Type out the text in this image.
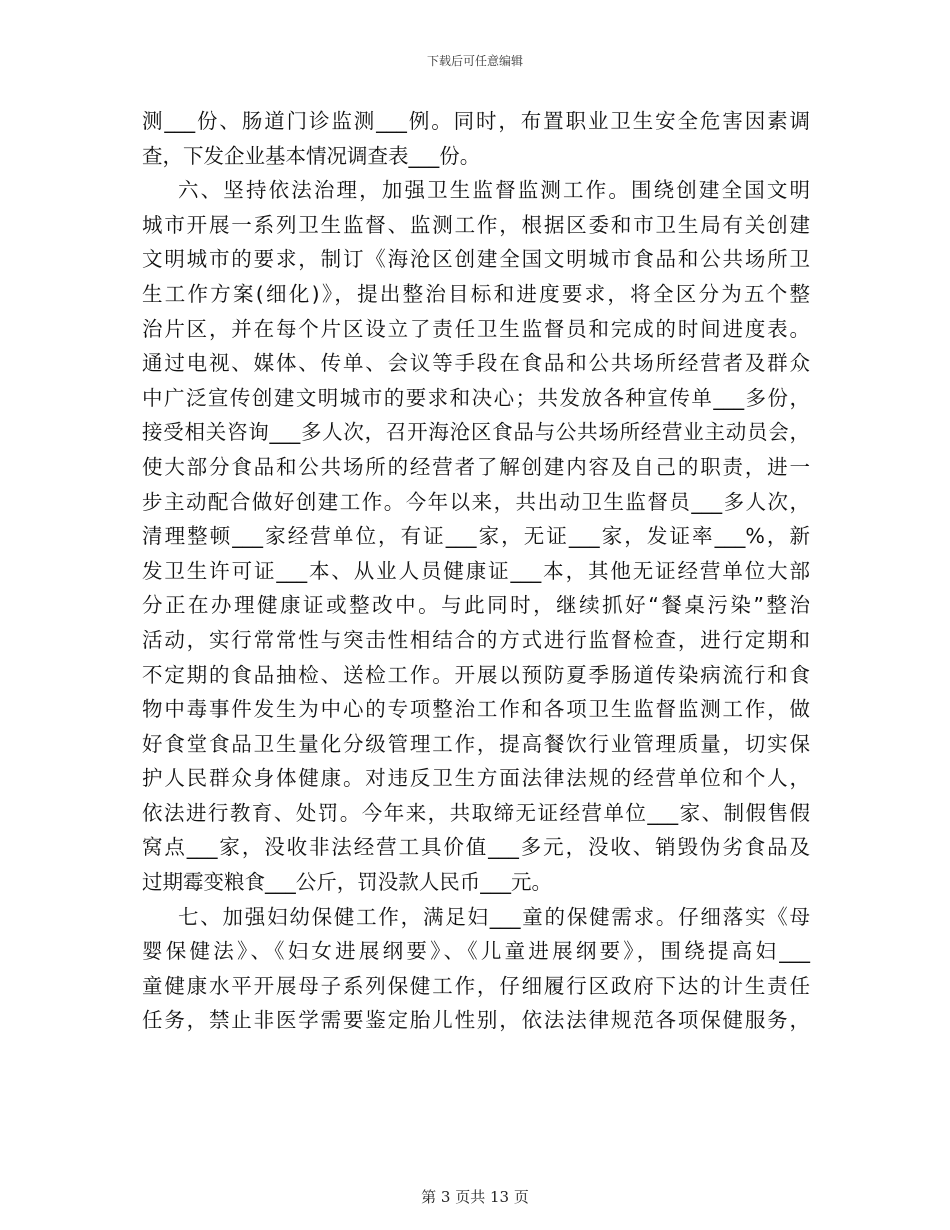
下载后可任意编辑
测___份、肠道门诊监测___例。同时，布置职业卫生安全危害因素调
查，下发企业基本情况调查表___份。
六、坚持依法治理，加强卫生监督监测工作。围绕创建全国文明
城市开展一系列卫生监督、监测工作，根据区委和市卫生局有关创建
文明城市的要求，制订《海沧区创建全国文明城市食品和公共场所卫
生工作方案(细化)》，提出整治目标和进度要求，将全区分为五个整
治片区，并在每个片区设立了责任卫生监督员和完成的时间进度表。
通过电视、媒体、传单、会议等手段在食品和公共场所经营者及群众
中广泛宣传创建文明城市的要求和决心；共发放各种宣传单___多份，
接受相关咨询___多人次，召开海沧区食品与公共场所经营业主动员会，
使大部分食品和公共场所的经营者了解创建内容及自己的职责，进一
步主动配合做好创建工作。今年以来，共出动卫生监督员___多人次，
清理整顿___家经营单位，有证___家，无证___家，发证率___%，新
发卫生许可证___本、从业人员健康证___本，其他无证经营单位大部
分正在办理健康证或整改中。与此同时，继续抓好“餐桌污染”整治
活动，实行常常性与突击性相结合的方式进行监督检查，进行定期和
不定期的食品抽检、送检工作。开展以预防夏季肠道传染病流行和食
物中毒事件发生为中心的专项整治工作和各项卫生监督监测工作，做
好食堂食品卫生量化分级管理工作，提高餐饮行业管理质量，切实保
护人民群众身体健康。对违反卫生方面法律法规的经营单位和个人，
依法进行教育、处罚。今年来，共取缔无证经营单位___家、制假售假
窝点___家，没收非法经营工具价值___多元，没收、销毁伪劣食品及
过期霉变粮食___公斤，罚没款人民币___元。
七、加强妇幼保健工作，满足妇___童的保健需求。仔细落实《母
婴保健法》、《妇女进展纲要》、《儿童进展纲要》，围绕提高妇___
童健康水平开展母子系列保健工作，仔细履行区政府下达的计生责任
任务，禁止非医学需要鉴定胎儿性别，依法法律规范各项保健服务，
第 3 页共 13 页
